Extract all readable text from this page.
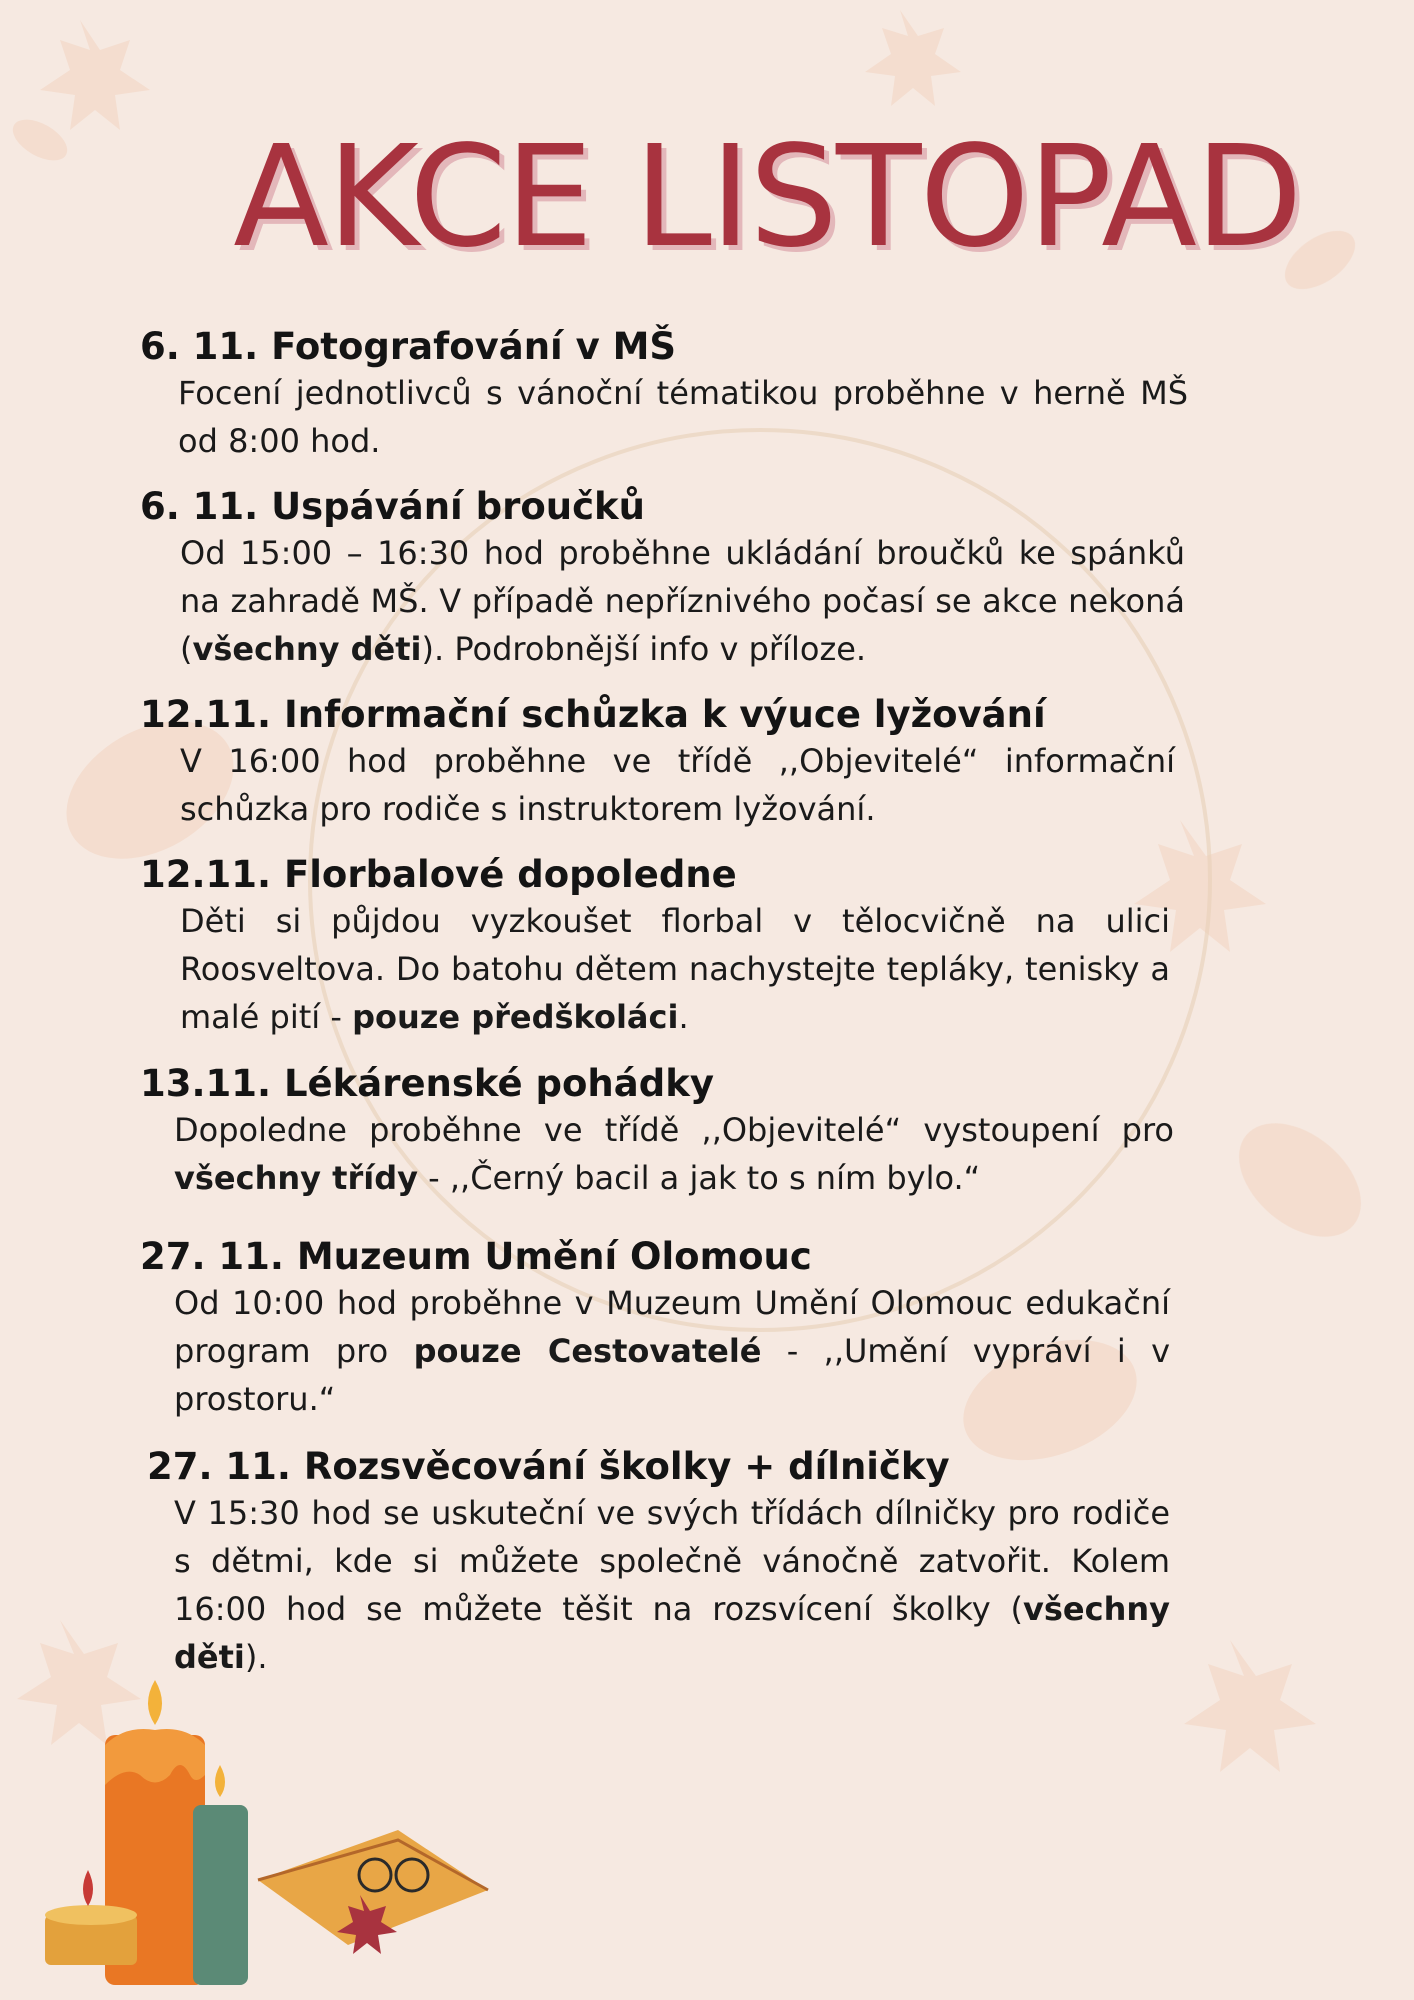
AKCE LISTOPAD
6. 11. Fotografování v MŠ

Focení jednotlivců s vánoční tématikou proběhne v herně MŠ od 8:00 hod.

6. 11. Uspávání broučků

Od 15:00 – 16:30 hod proběhne ukládání broučků ke spánků na zahradě MŠ. V případě nepříznivého počasí se akce nekoná (všechny děti). Podrobnější info v příloze.

12.11. Informační schůzka k výuce lyžování

V 16:00 hod proběhne ve třídě ,,Objevitelé“ informační schůzka pro rodiče s instruktorem lyžování.

12.11. Florbalové dopoledne

Děti si půjdou vyzkoušet florbal v tělocvičně na ulici Roosveltova. Do batohu dětem nachystejte tepláky, tenisky a malé pití - pouze předškoláci.

13.11. Lékárenské pohádky

Dopoledne proběhne ve třídě ,,Objevitelé“ vystoupení pro všechny třídy - ,,Černý bacil a jak to s ním bylo.“

27. 11. Muzeum Umění Olomouc

Od 10:00 hod proběhne v Muzeum Umění Olomouc edukační program pro pouze Cestovatelé - ,,Umění vypráví i v prostoru.“

27. 11. Rozsvěcování školky + dílničky

V 15:30 hod se uskuteční ve svých třídách dílničky pro rodiče s dětmi, kde si můžete společně vánočně zatvořit. Kolem 16:00 hod se můžete těšit na rozsvícení školky (všechny děti).
